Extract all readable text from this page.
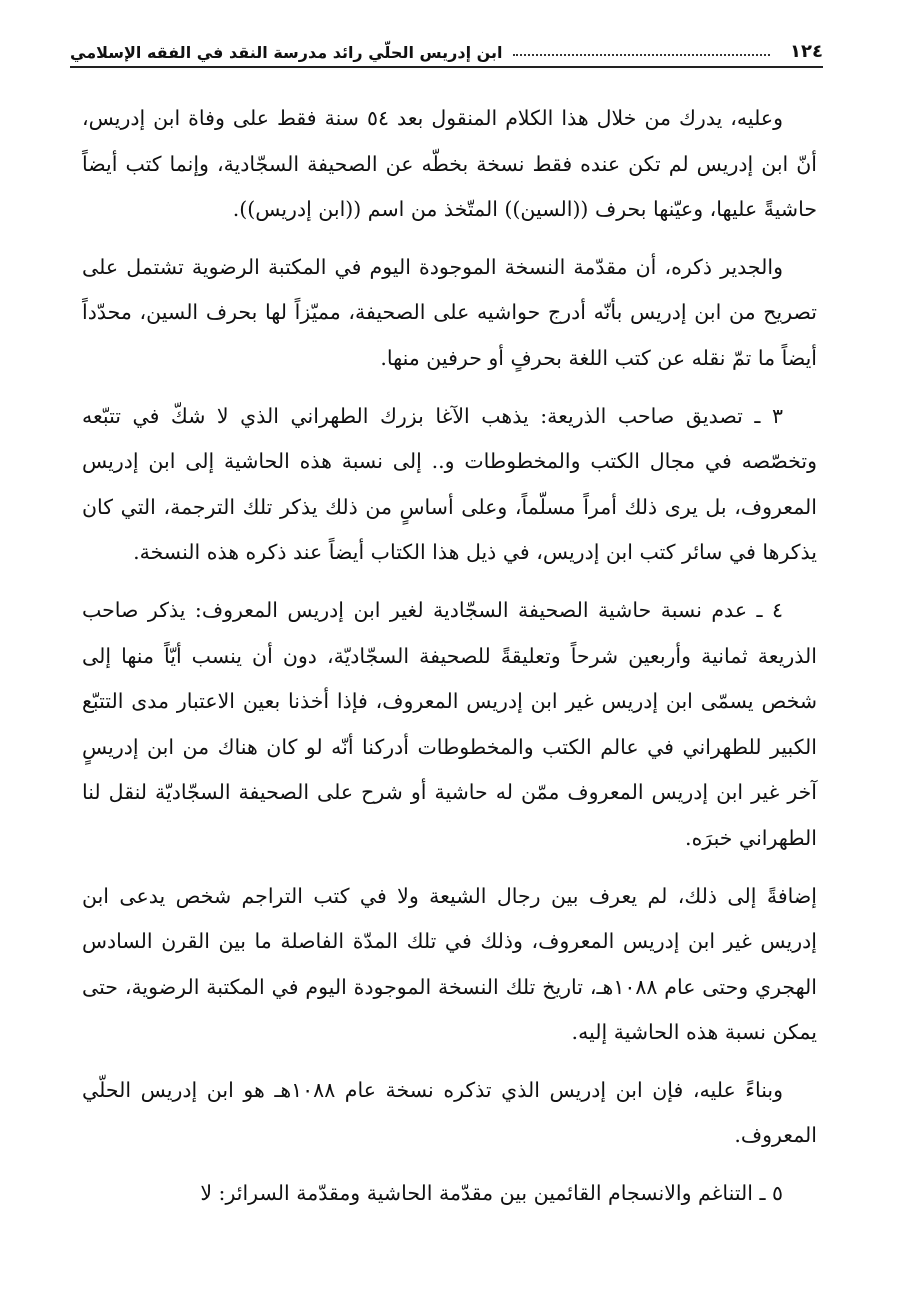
١٢٤
ابن إدريس الحلّي رائد مدرسة النقد في الفقه الإسلامي

وعليه، يدرك من خلال هذا الكلام المنقول بعد ٥٤ سنة فقط على وفاة ابن إدريس، أنّ ابن إدريس لم تكن عنده فقط نسخة بخطّه عن الصحيفة السجّادية، وإنما كتب أيضاً حاشيةً عليها، وعيّنها بحرف ((السين)) المتّخذ من اسم ((ابن إدريس)).

والجدير ذكره، أن مقدّمة النسخة الموجودة اليوم في المكتبة الرضوية تشتمل على تصريح من ابن إدريس بأنّه أدرج حواشيه على الصحيفة، مميّزاً لها بحرف السين، محدّداً أيضاً ما تمّ نقله عن كتب اللغة بحرفٍ أو حرفين منها.

٣ ـ تصديق صاحب الذريعة: يذهب الآغا بزرك الطهراني الذي لا شكّ في تتبّعه وتخصّصه في مجال الكتب والمخطوطات و.. إلى نسبة هذه الحاشية إلى ابن إدريس المعروف، بل يرى ذلك أمراً مسلّماً، وعلى أساسٍ من ذلك يذكر تلك الترجمة، التي كان يذكرها في سائر كتب ابن إدريس، في ذيل هذا الكتاب أيضاً عند ذكره هذه النسخة.

٤ ـ عدم نسبة حاشية الصحيفة السجّادية لغير ابن إدريس المعروف: يذكر صاحب الذريعة ثمانية وأربعين شرحاً وتعليقةً للصحيفة السجّاديّة، دون أن ينسب أيّاً منها إلى شخص يسمّى ابن إدريس غير ابن إدريس المعروف، فإذا أخذنا بعين الاعتبار مدى التتبّع الكبير للطهراني في عالم الكتب والمخطوطات أدركنا أنّه لو كان هناك من ابن إدريسٍ آخر غير ابن إدريس المعروف ممّن له حاشية أو شرح على الصحيفة السجّاديّة لنقل لنا الطهراني خبرَه.

إضافةً إلى ذلك، لم يعرف بين رجال الشيعة ولا في كتب التراجم شخص يدعى ابن إدريس غير ابن إدريس المعروف، وذلك في تلك المدّة الفاصلة ما بين القرن السادس الهجري وحتى عام ١٠٨٨هـ، تاريخ تلك النسخة الموجودة اليوم في المكتبة الرضوية، حتى يمكن نسبة هذه الحاشية إليه.

وبناءً عليه، فإن ابن إدريس الذي تذكره نسخة عام ١٠٨٨هـ هو ابن إدريس الحلّي المعروف.

٥ ـ التناغم والانسجام القائمين بين مقدّمة الحاشية ومقدّمة السرائر: لا
